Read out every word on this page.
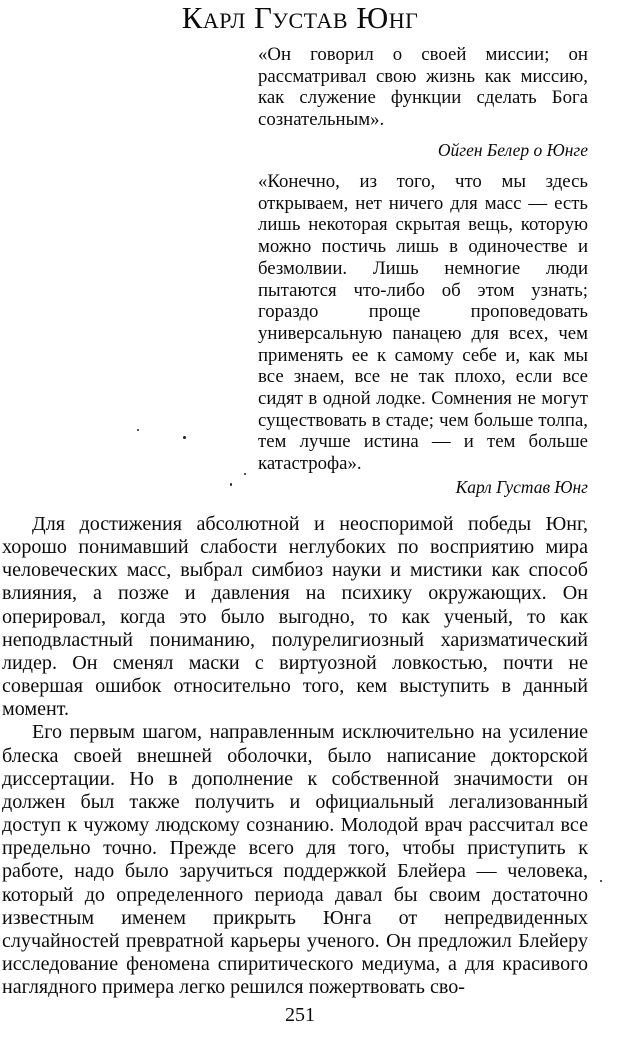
Карл Густав Юнг
«Он говорил о своей миссии; он рассматривал свою жизнь как миссию, как служение функции сделать Бога сознательным».
Ойген Белер о Юнге
«Конечно, из того, что мы здесь открываем, нет ничего для масс — есть лишь некоторая скрытая вещь, которую можно постичь лишь в одиночестве и безмолвии. Лишь немногие люди пытаются что-либо об этом узнать; гораздо проще проповедовать универсальную панацею для всех, чем применять ее к самому себе и, как мы все знаем, все не так плохо, если все сидят в одной лодке. Сомнения не могут существовать в стаде; чем больше толпа, тем лучше истина — и тем больше катастрофа».
Карл Густав Юнг

Для достижения абсолютной и неоспоримой победы Юнг, хорошо понимавший слабости неглубоких по восприятию мира человеческих масс, выбрал симбиоз науки и мистики как способ влияния, а позже и давления на психику окружающих. Он оперировал, когда это было выгодно, то как ученый, то как неподвластный пониманию, полурелигиозный харизматический лидер. Он сменял маски с виртуозной ловкостью, почти не совершая ошибок относительно того, кем выступить в данный момент.

Его первым шагом, направленным исключительно на усиление блеска своей внешней оболочки, было написание докторской диссертации. Но в дополнение к собственной значимости он должен был также получить и официальный легализованный доступ к чужому людскому сознанию. Молодой врач рассчитал все предельно точно. Прежде всего для того, чтобы приступить к работе, надо было заручиться поддержкой Блейера — человека, который до определенного периода давал бы своим достаточно известным именем прикрыть Юнга от непредвиденных случайностей превратной карьеры ученого. Он предложил Блейеру исследование феномена спиритического медиума, а для красивого наглядного примера легко решился пожертвовать сво-

251
